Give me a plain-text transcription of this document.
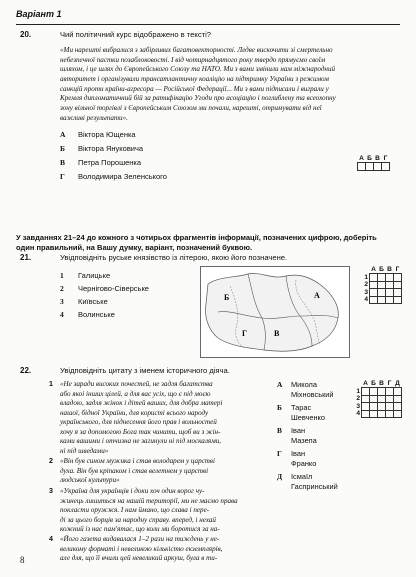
Варіант 1
20.	Чий політичний курс відображено в тексті?
«Ми нарешті вибралися з забірливих багатовекторності. Ледве вискочити зі смертельно
небезпечної пастки позаблоковості. І від чотирнадцятого року твердо прямуємо своїм
шляхом, і це шлях до Європейського Союзу та НАТО. Ми з вами змінили нам міжнародний
авторитет і організували трансатлантичну коаліцію на підтримку України з режимом
санкцій проти країни-агресора — Російської Федерації... Ми з вами підписали і виграли у
Кремля дипломатичний бій за ратифікацію Угоди про асоціацію і поглиблену та всеохопну
зону вільної торгівлі з Європейським Союзом ми почали, нарешті, отримувати від неї
важливі результати».
А Віктора Ющенка
Б Віктора Януковича
В Петра Порошенка
Г Володимира Зеленського
А	Б	В	Г

У завданнях 21–24 до кожного з чотирьох фрагментів інформації, позначених цифрою, доберіть
один правильний, на Вашу думку, варіант, позначений буквою.
21.	Увідповідніть руське князівство із літерою, якою його позначене.
1 Галицьке
2 Чернігово-Сіверське
3 Київське
4 Волинське
А
Б
В
Г
	А	Б	В	Г
1				
2				
3				
4				
22.	Увідповідніть цитату з іменем історичного діяча.
1 «Не заради високих почестей, не задля багатства
або якоі інших цілей, а для вас усіх, що є під моєю
владою, задля жінок і дітей ваших, для добра матері
нашої, бідної України, для користі всього народу
українського, для піднесення його прав і вольностей
хочу я за допомогою Бога так чинити, щоб ви з жін-
ками вашими і отчизна не загинули ні під москалями,
ні під шведами»
2 «Він був сином мужика і став володарем у царстві
духа. Він був кріпаком і став велетнем у царстві
людської культури»
3 «Україна для українців і доки хоч один ворог чу-
жинець лишиться на нашій території, ми не маємо права
покласти оружжя. І нам ймано, що слава і пере-
ді за цього борців за народну справу. вперед, і нехай
кожний із нас пам'ятає, що коли ми боротися за на-
4 «Його газета видавалася 1–2 рази на тиждень у не-
великому форматі і невеликою кількістю екземплярів,
але для, що її вчили цей невеликий аркуш, була в ти-
А Микола
Міхновський
Б Тарас
Шевченко
В Іван
Мазепа
Г Іван
Франко
Д Ісмаїл
Гаспринський
	А	Б	В	Г	Д
1					
2					
3					
4					
8
